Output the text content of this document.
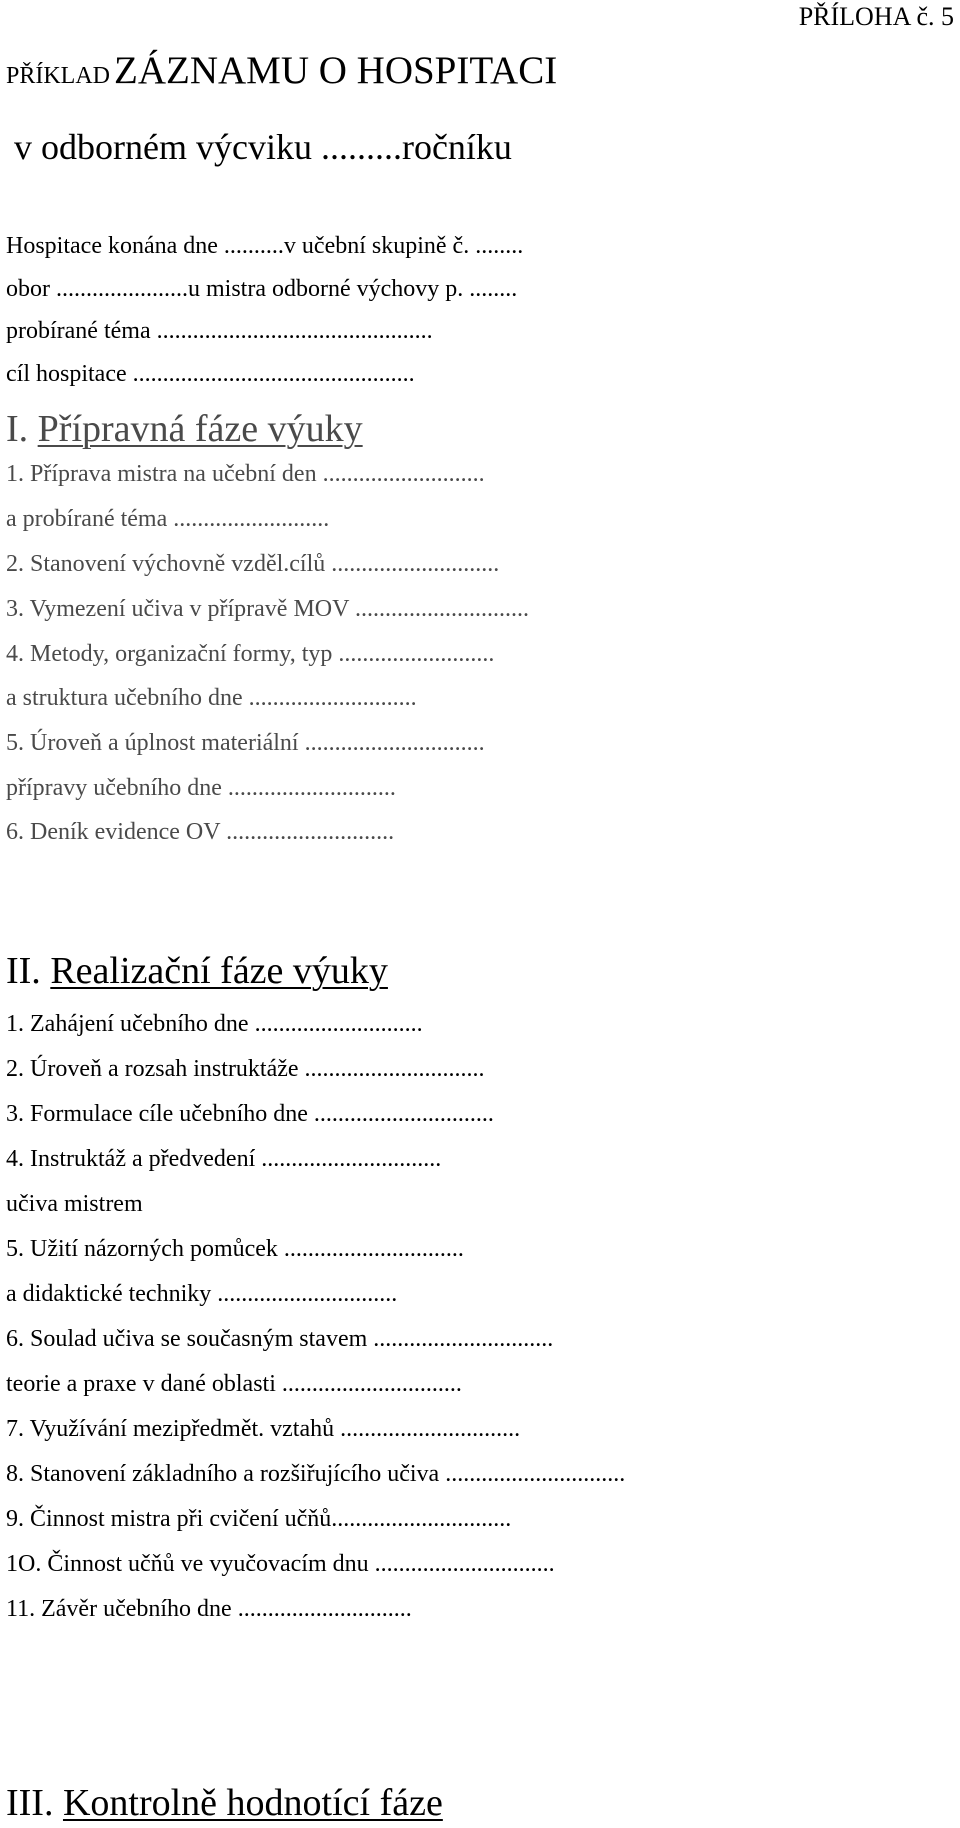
PŘÍLOHA č. 5
PŘÍKLAD ZÁZNAMU O HOSPITACI
v odborném výcviku .........ročníku
Hospitace konána dne ..........v učební skupině č. ........
obor ......................u mistra odborné výchovy p. ........
probírané téma ..............................................
cíl hospitace ...............................................
I. Přípravná fáze výuky
1. Příprava mistra na učební den ...........................
a probírané téma ..........................
2. Stanovení výchovně vzděl.cílů ............................
3. Vymezení učiva v přípravě MOV .............................
4. Metody, organizační formy, typ ..........................
a struktura učebního dne ............................
5. Úroveň a úplnost materiální ..............................
přípravy učebního dne ............................
6. Deník evidence OV ............................
II. Realizační fáze výuky
1. Zahájení učebního dne ............................
2. Úroveň a rozsah instruktáže ..............................
3. Formulace cíle učebního dne ..............................
4. Instruktáž a předvedení ..............................
učiva mistrem
5. Užití názorných pomůcek ..............................
a didaktické techniky ..............................
6. Soulad učiva se současným stavem ..............................
teorie a praxe v dané oblasti ..............................
7. Využívání mezipředmět. vztahů ..............................
8. Stanovení základního a rozšiřujícího učiva ..............................
9. Činnost mistra při cvičení učňů..............................
1O. Činnost učňů ve vyučovacím dnu ..............................
11. Závěr učebního dne .............................
III. Kontrolně hodnotící fáze
